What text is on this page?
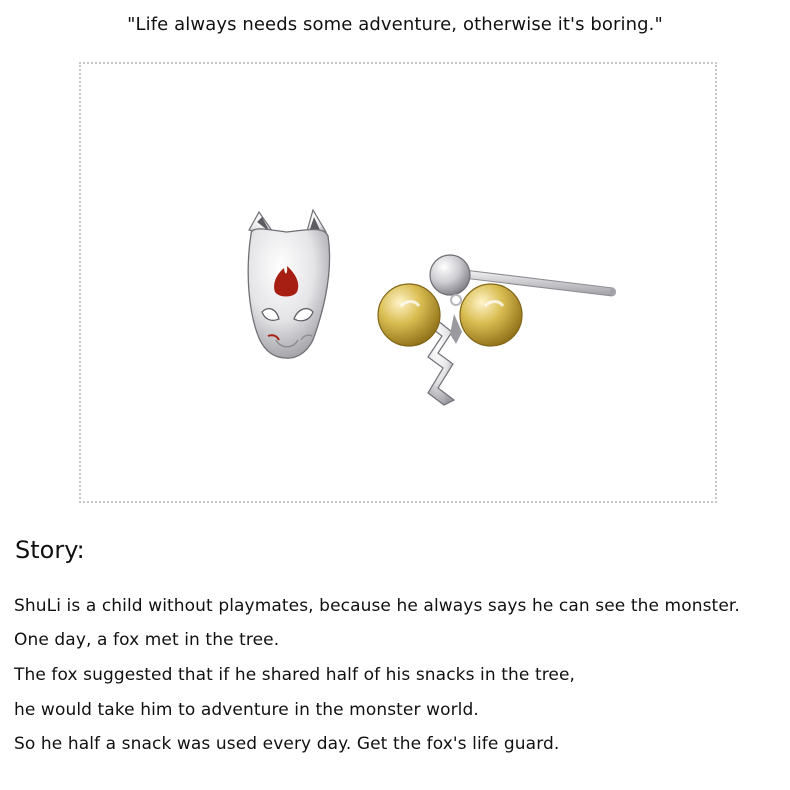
"Life always needs some adventure, otherwise it's boring."
Story:
ShuLi is a child without playmates, because he always says he can see the monster.
One day, a fox met in the tree.
The fox suggested that if he shared half of his snacks in the tree,
he would take him to adventure in the monster world.
So he half a snack was used every day. Get the fox's life guard.
